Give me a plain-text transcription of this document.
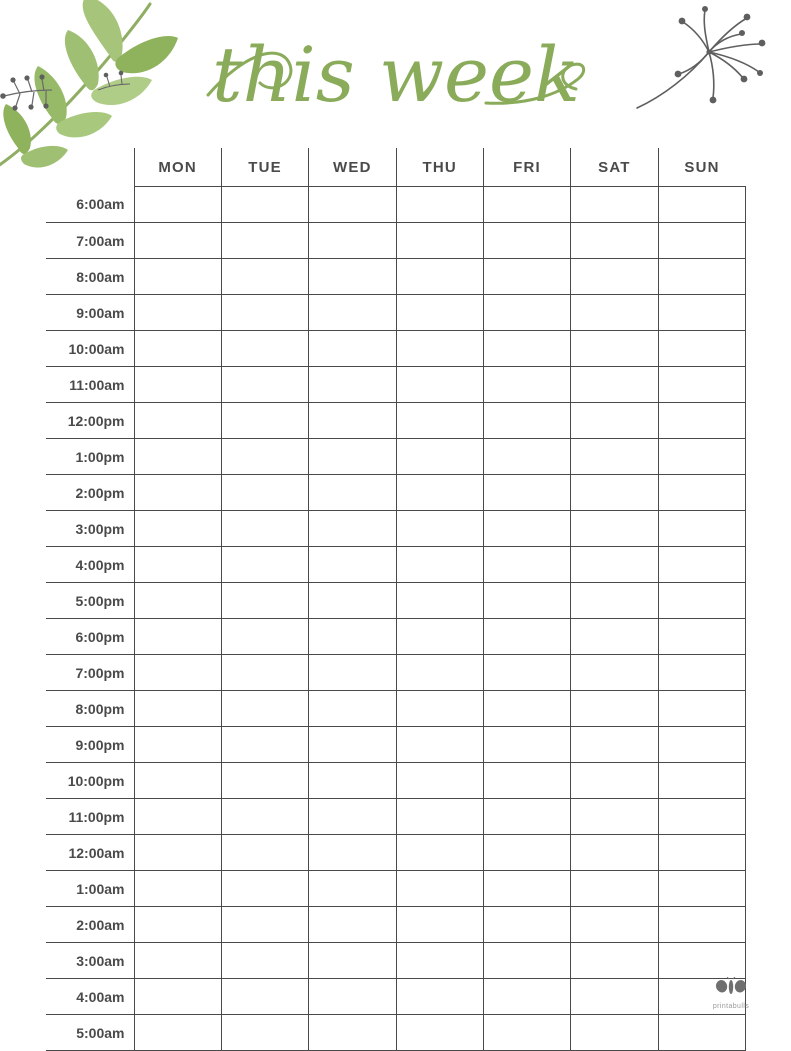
this week
	MON	TUE	WED	THU	FRI	SAT	SUN
6:00am							
7:00am							
8:00am							
9:00am							
10:00am							
11:00am							
12:00pm							
1:00pm							
2:00pm							
3:00pm							
4:00pm							
5:00pm							
6:00pm							
7:00pm							
8:00pm							
9:00pm							
10:00pm							
11:00pm							
12:00am							
1:00am							
2:00am							
3:00am							
4:00am							
5:00am							
printabulls
